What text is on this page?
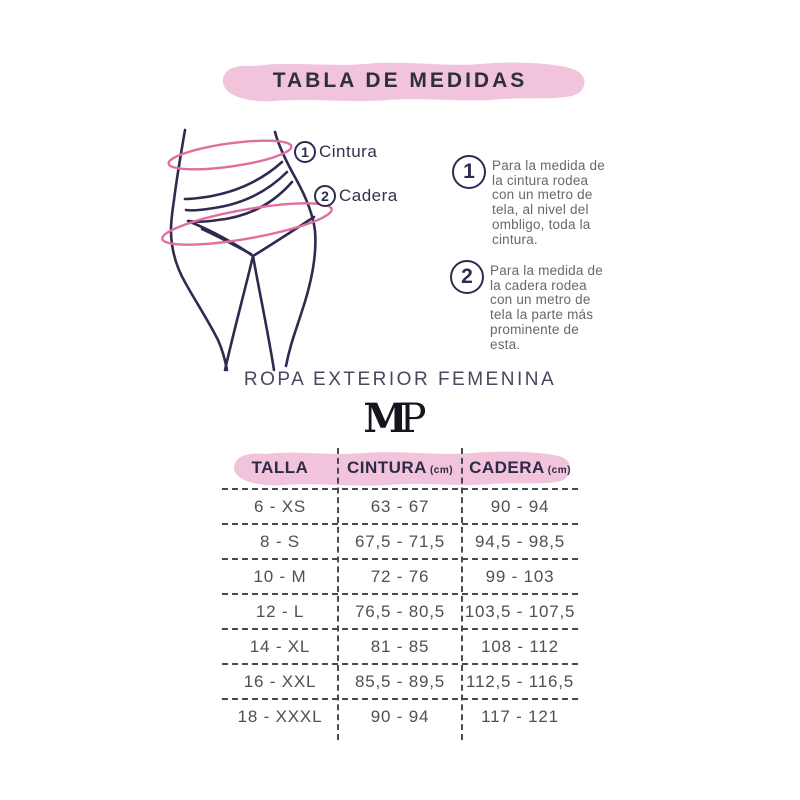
TABLA DE MEDIDAS
1 Cintura
2 Cadera
1	Para la medida de
la cintura rodea
con un metro de
tela, al nivel del
ombligo, toda la
cintura.
2	Para la medida de
la cadera rodea
con un metro de
tela la parte más
prominente de
esta.
ROPA EXTERIOR FEMENINA
MP
TALLA CINTURA (cm) CADERA (cm)
6 - XS	63 - 67	90 - 94
8 - S	67,5 - 71,5	94,5 - 98,5
10 - M	72 - 76	99 - 103
12 - L	76,5 - 80,5	103,5 - 107,5
14 - XL	81 - 85	108 - 112
16 - XXL	85,5 - 89,5	112,5 - 116,5
18 - XXXL	90 - 94	117 - 121
